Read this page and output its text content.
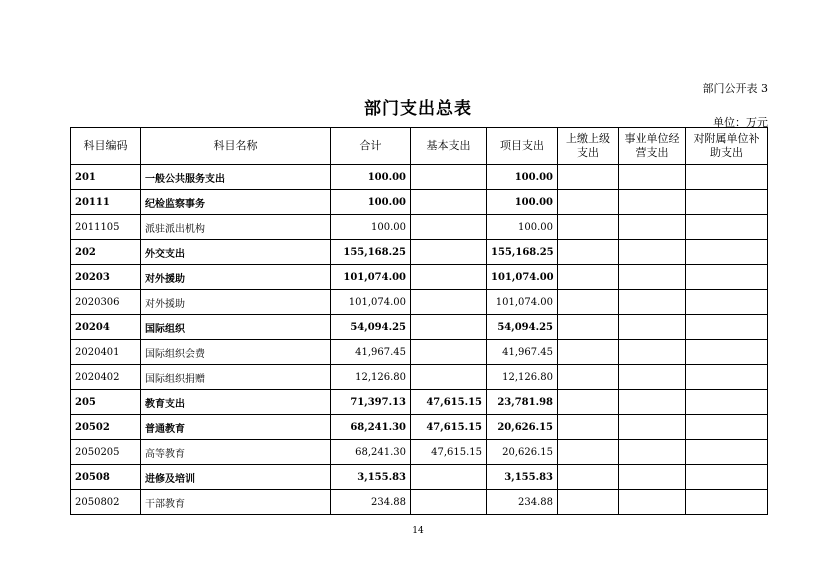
部门公开表 3
部门支出总表
单位：万元
科目编码	科目名称	合计	基本支出	项目支出	上缴上级支出	事业单位经营支出	对附属单位补助支出
201	一般公共服务支出	100.00		100.00			
20111	纪检监察事务	100.00		100.00			
2011105	派驻派出机构	100.00		100.00			
202	外交支出	155,168.25		155,168.25			
20203	对外援助	101,074.00		101,074.00			
2020306	对外援助	101,074.00		101,074.00			
20204	国际组织	54,094.25		54,094.25			
2020401	国际组织会费	41,967.45		41,967.45			
2020402	国际组织捐赠	12,126.80		12,126.80			
205	教育支出	71,397.13	47,615.15	23,781.98			
20502	普通教育	68,241.30	47,615.15	20,626.15			
2050205	高等教育	68,241.30	47,615.15	20,626.15			
20508	进修及培训	3,155.83		3,155.83			
2050802	干部教育	234.88		234.88			
14
